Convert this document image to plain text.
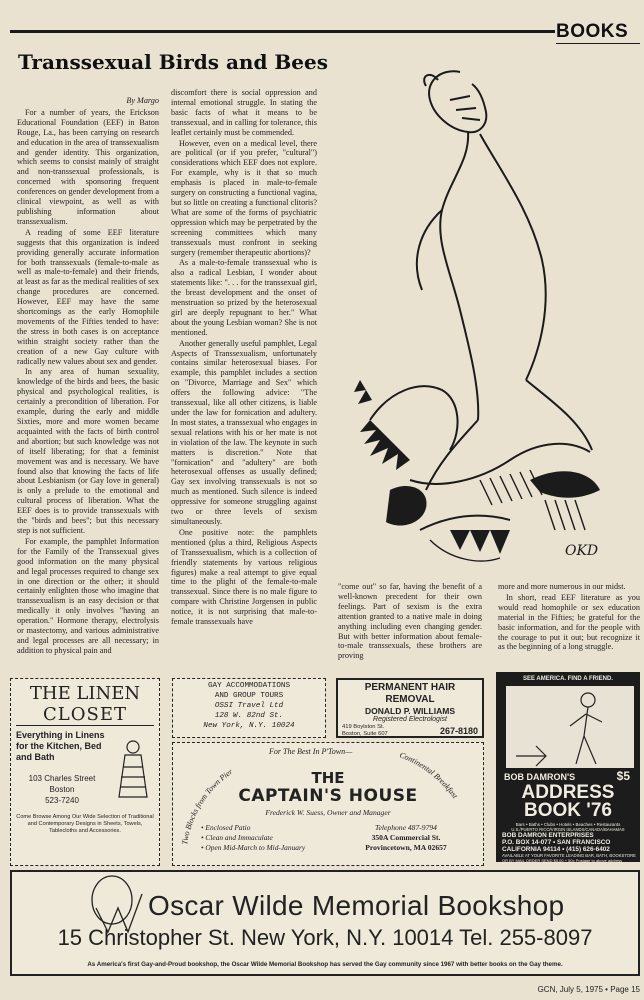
BOOKS
Transsexual Birds and Bees

By Margo

For a number of years, the Erickson Educational Foundation (EEF) in Baton Rouge, La., has been carrying on research and education in the area of transsexualism and gender identity. This organization, which seems to consist mainly of straight and non-transsexual professionals, is concerned with sponsoring frequent conferences on gender development from a clinical viewpoint, as well as with publishing information about transsexualism.

A reading of some EEF literature suggests that this organization is indeed providing generally accurate information for both transsexuals (female-to-male as well as male-to-female) and their friends, at least as far as the medical realities of sex change procedures are concerned. However, EEF may have the same shortcomings as the early Homophile movements of the Fifties tended to have: the stress in both cases is on acceptance within straight society rather than the creation of a new Gay culture with radically new values about sex and gender.

In any area of human sexuality, knowledge of the birds and bees, the basic physical and psychological realities, is certainly a precondition of liberation. For example, during the early and middle Sixties, more and more women became acquainted with the facts of birth control and abortion; but such knowledge was not of itself liberating; for that a feminist movement was and is necessary. We have found also that knowing the facts of life about Lesbianism (or Gay love in general) is only a prelude to the emotional and cultural process of liberation. What the EEF does is to provide transsexuals with the "birds and bees"; but this necessary step is not sufficient.

For example, the pamphlet Information for the Family of the Transsexual gives good information on the many physical and legal processes required to change sex in one direction or the other; it should certainly enlighten those who imagine that transsexualism is an easy decision or that medically it only involves "having an operation." Hormone therapy, electrolysis or mastectomy, and various administrative and legal processes are all necessary; in addition to physical pain and

discomfort there is social oppression and internal emotional struggle. In stating the basic facts of what it means to be transsexual, and in calling for tolerance, this leaflet certainly must be commended.

However, even on a medical level, there are political (or if you prefer, "cultural") considerations which EEF does not explore. For example, why is it that so much emphasis is placed in male-to-female surgery on constructing a functional vagina, but so little on creating a functional clitoris? What are some of the forms of psychiatric oppression which may be perpetrated by the screening committees which many transsexuals must confront in seeking surgery (remember therapeutic abortions)?

As a male-to-female transsexual who is also a radical Lesbian, I wonder about statements like: ". . . for the transsexual girl, the breast development and the onset of menstruation so prized by the heterosexual girl are deeply repugnant to her." What about the young Lesbian woman? She is not mentioned.

Another generally useful pamphlet, Legal Aspects of Transsexualism, unfortunately contains similar heterosexual biases. For example, this pamphlet includes a section on "Divorce, Marriage and Sex" which offers the following advice: "The transsexual, like all other citizens, is liable under the law for fornication and adultery. In most states, a transsexual who engages in sexual relations with his or her mate is not in violation of the law. The keynote in such matters is discretion." Note that "fornication" and "adultery" are both heterosexual offenses as usually defined; Gay sex involving transsexuals is not so much as mentioned. Such silence is indeed oppressive for someone struggling against two or three levels of sexism simultaneously.

One positive note: the pamphlets mentioned (plus a third, Religious Aspects of Transsexualism, which is a collection of friendly statements by various religious figures) make a real attempt to give equal time to the plight of the female-to-male transsexual. Since there is no male figure to compare with Christine Jorgensen in public notice, it is not surprising that male-to-female transsexuals have

OKD

"come out" so far, having the benefit of a well-known precedent for their own feelings. Part of sexism is the extra attention granted to a native male in doing anything including even changing gender. But with better information about female-to-male transsexuals, these brothers are proving

more and more numerous in our midst.

In short, read EEF literature as you would read homophile or sex education material in the Fifties; be grateful for the basic information, and for the people with the courage to put it out; but recognize it as the beginning of a long struggle.

THE LINEN
CLOSET
Everything in Linens for the Kitchen, Bed and Bath
103 Charles Street
Boston
523-7240
Come Browse Among Our Wide Selection of Traditional and Contemporary Designs in Sheets, Towels, Tablecloths and Accessories.
GAY ACCOMMODATIONS
AND GROUP TOURS
OSSI Travel Ltd
128 W. 82nd St.
New York, N.Y. 10024
PERMANENT HAIR
REMOVAL
DONALD P. WILLIAMS
Registered Electrologist
419 Boylston St.
Boston, Suite 607	267-8180
For The Best In P'Town—
Two Blocks from Town Pier
Continental Breakfast
THE
CAPTAIN'S HOUSE
Frederick W. Suess, Owner and Manager
• Enclosed Patio
• Clean and Immaculate
• Open Mid-March to Mid-January
Telephone 487-9794
350A Commercial St.
Provincetown, MA 02657
SEE AMERICA. FIND A FRIEND.
BOB DAMRON'S	$5
ADDRESS
BOOK '76
Bars • Baths • Clubs • Hotels • Beaches • Restaurants
U.S./PUERTO RICO/VIRGIN ISLANDS/CANADA/BAHAMAS
BOB DAMRON ENTERPRISES
P.O. BOX 14-077 • SAN FRANCISCO
CALIFORNIA 94114 • (415) 626-6402
AVAILABLE AT YOUR FAVORITE LEADING BAR, BATH, BOOKSTORE
OR BY MAIL ORDER SEND $5.00 + 50c Postage to above address
Oscar Wilde Memorial Bookshop
15 Christopher St. New York, N.Y. 10014 Tel. 255-8097
As America's first Gay-and-Proud bookshop, the Oscar Wilde Memorial Bookshop has served the Gay community since 1967 with better books on the Gay theme.
GCN, July 5, 1975 • Page 15
